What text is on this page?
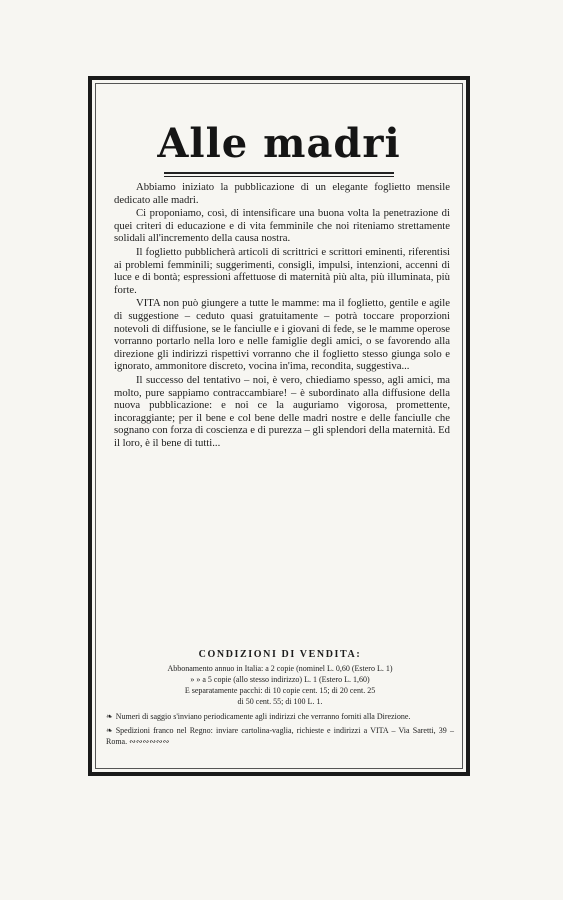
Alle madri

Abbiamo iniziato la pubblicazione di un elegante foglietto mensile dedicato alle madri.

Ci proponiamo, così, di intensificare una buona volta la penetrazione di quei criteri di educazione e di vita femminile che noi riteniamo strettamente solidali all'incremento della causa nostra.

Il foglietto pubblicherà articoli di scrittrici e scrittori eminenti, riferentisi ai problemi femminili; suggerimenti, consigli, impulsi, intenzioni, accenni di luce e di bontà; espressioni affettuose di maternità più alta, più illuminata, più forte.

VITA non può giungere a tutte le mamme: ma il foglietto, gentile e agile di suggestione – ceduto quasi gratuitamente – potrà toccare proporzioni notevoli di diffusione, se le fanciulle e i giovani di fede, se le mamme operose vorranno portarlo nella loro e nelle famiglie degli amici, o se favorendo alla direzione gli indirizzi rispettivi vorranno che il foglietto stesso giunga solo e ignorato, ammonitore discreto, vocina in'ima, recondita, suggestiva...

Il successo del tentativo – noi, è vero, chiediamo spesso, agli amici, ma molto, pure sappiamo contraccambiare! – è subordinato alla diffusione della nuova pubblicazione: e noi ce la auguriamo vigorosa, promettente, incoraggiante; per il bene e col bene delle madri nostre e delle fanciulle che sognano con forza di coscienza e di purezza – gli splendori della maternità. Ed il loro, è il bene di tutti...

CONDIZIONI DI VENDITA:
Abbonamento annuo in Italia: a 2 copie (nominel L. 0,60 (Estero L. 1)
» » a 5 copie (allo stesso indirizzo) L. 1 (Estero L. 1,60)
E separatamente pacchi: di 10 copie cent. 15; di 20 cent. 25
di 50 cent. 55; di 100 L. 1.
❧ Numeri di saggio s'inviano periodicamente agli indirizzi che verranno forniti alla Direzione.
❧ Spedizioni franco nel Regno: inviare cartolina-vaglia, richieste e indirizzi a VITA – Via Saretti, 39 – Roma. ∾∾∾∾∾∾
